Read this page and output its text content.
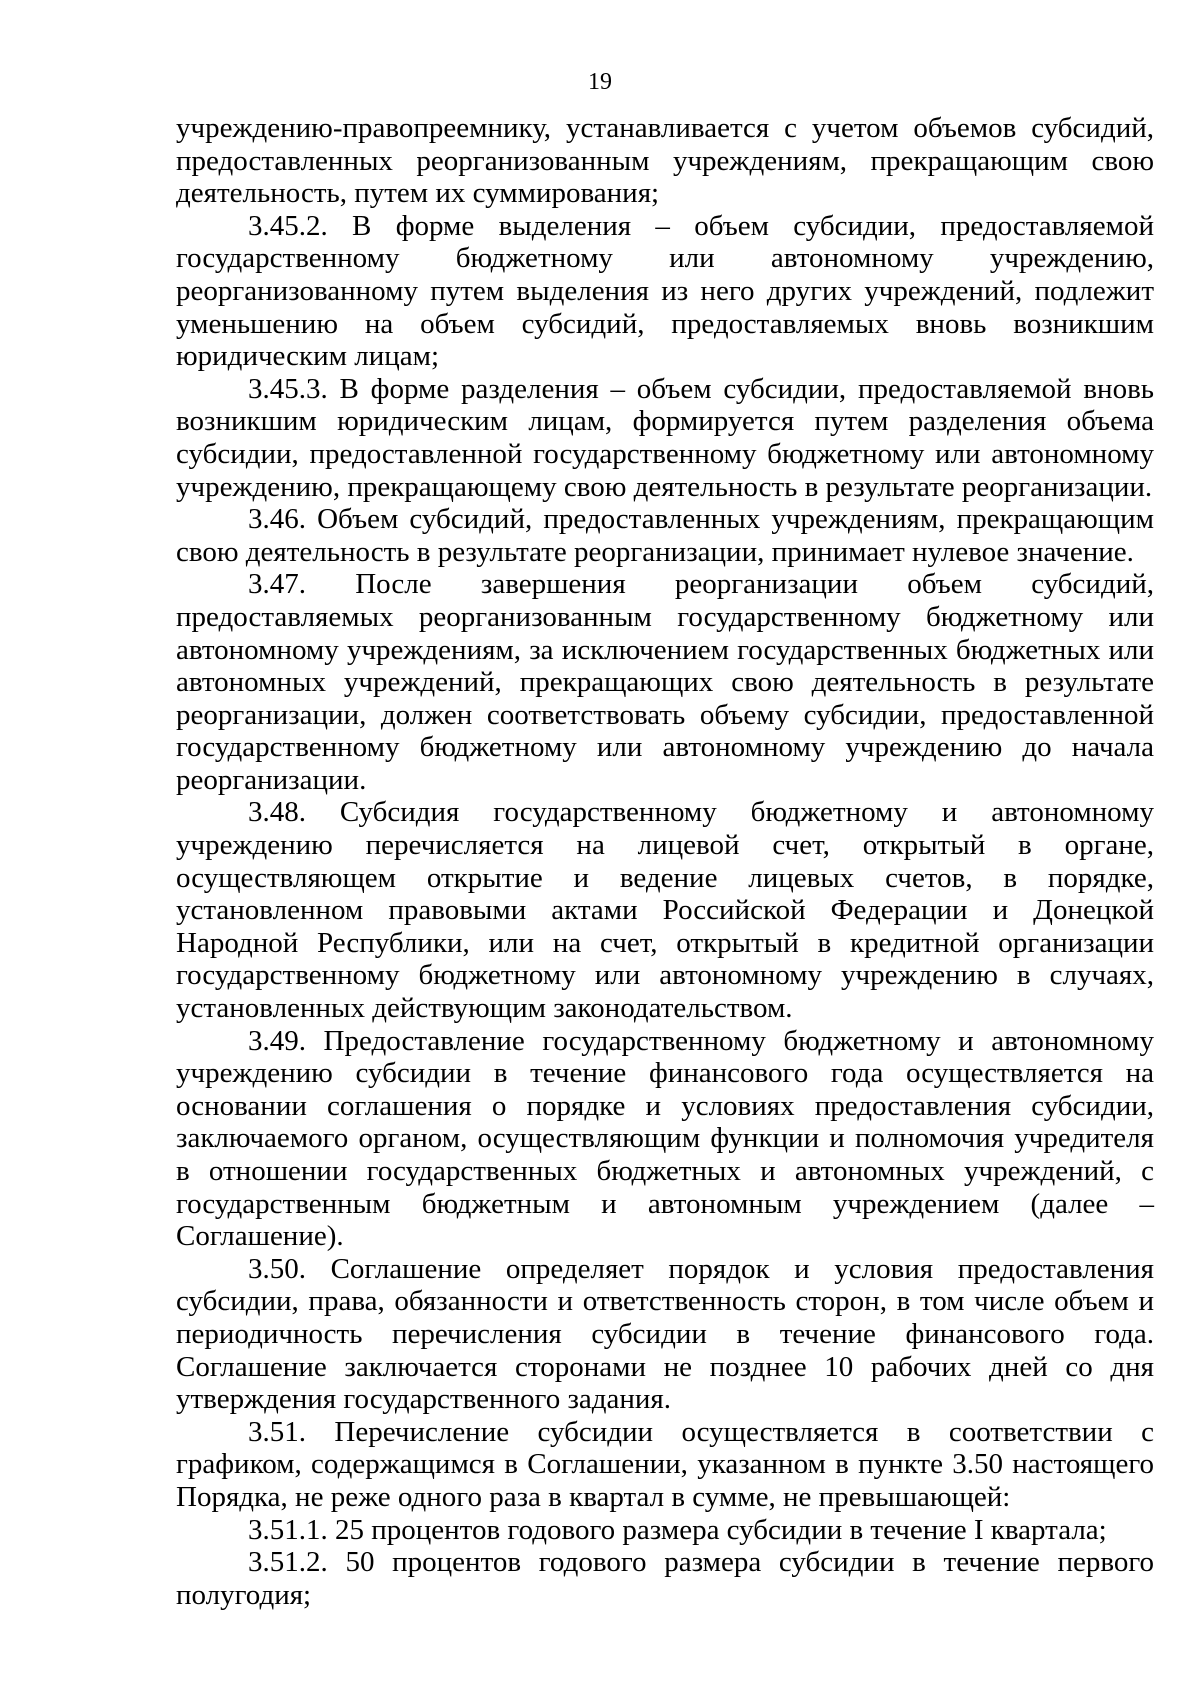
19

учреждению-правопреемнику, устанавливается с учетом объемов субсидий, предоставленных реорганизованным учреждениям, прекращающим свою деятельность, путем их суммирования;

3.45.2. В форме выделения – объем субсидии, предоставляемой государственному бюджетному или автономному учреждению, реорганизованному путем выделения из него других учреждений, подлежит уменьшению на объем субсидий, предоставляемых вновь возникшим юридическим лицам;

3.45.3. В форме разделения – объем субсидии, предоставляемой вновь возникшим юридическим лицам, формируется путем разделения объема субсидии, предоставленной государственному бюджетному или автономному учреждению, прекращающему свою деятельность в результате реорганизации.

3.46. Объем субсидий, предоставленных учреждениям, прекращающим свою деятельность в результате реорганизации, принимает нулевое значение.

3.47. После завершения реорганизации объем субсидий, предоставляемых реорганизованным государственному бюджетному или автономному учреждениям, за исключением государственных бюджетных или автономных учреждений, прекращающих свою деятельность в результате реорганизации, должен соответствовать объему субсидии, предоставленной государственному бюджетному или автономному учреждению до начала реорганизации.

3.48. Субсидия государственному бюджетному и автономному учреждению перечисляется на лицевой счет, открытый в органе, осуществляющем открытие и ведение лицевых счетов, в порядке, установленном правовыми актами Российской Федерации и Донецкой Народной Республики, или на счет, открытый в кредитной организации государственному бюджетному или автономному учреждению в случаях, установленных действующим законодательством.

3.49. Предоставление государственному бюджетному и автономному учреждению субсидии в течение финансового года осуществляется на основании соглашения о порядке и условиях предоставления субсидии, заключаемого органом, осуществляющим функции и полномочия учредителя в отношении государственных бюджетных и автономных учреждений, с государственным бюджетным и автономным учреждением (далее – Соглашение).

3.50. Соглашение определяет порядок и условия предоставления субсидии, права, обязанности и ответственность сторон, в том числе объем и периодичность перечисления субсидии в течение финансового года. Соглашение заключается сторонами не позднее 10 рабочих дней со дня утверждения государственного задания.

3.51. Перечисление субсидии осуществляется в соответствии с графиком, содержащимся в Соглашении, указанном в пункте 3.50 настоящего Порядка, не реже одного раза в квартал в сумме, не превышающей:

3.51.1. 25 процентов годового размера субсидии в течение I квартала;

3.51.2. 50 процентов годового размера субсидии в течение первого полугодия;
